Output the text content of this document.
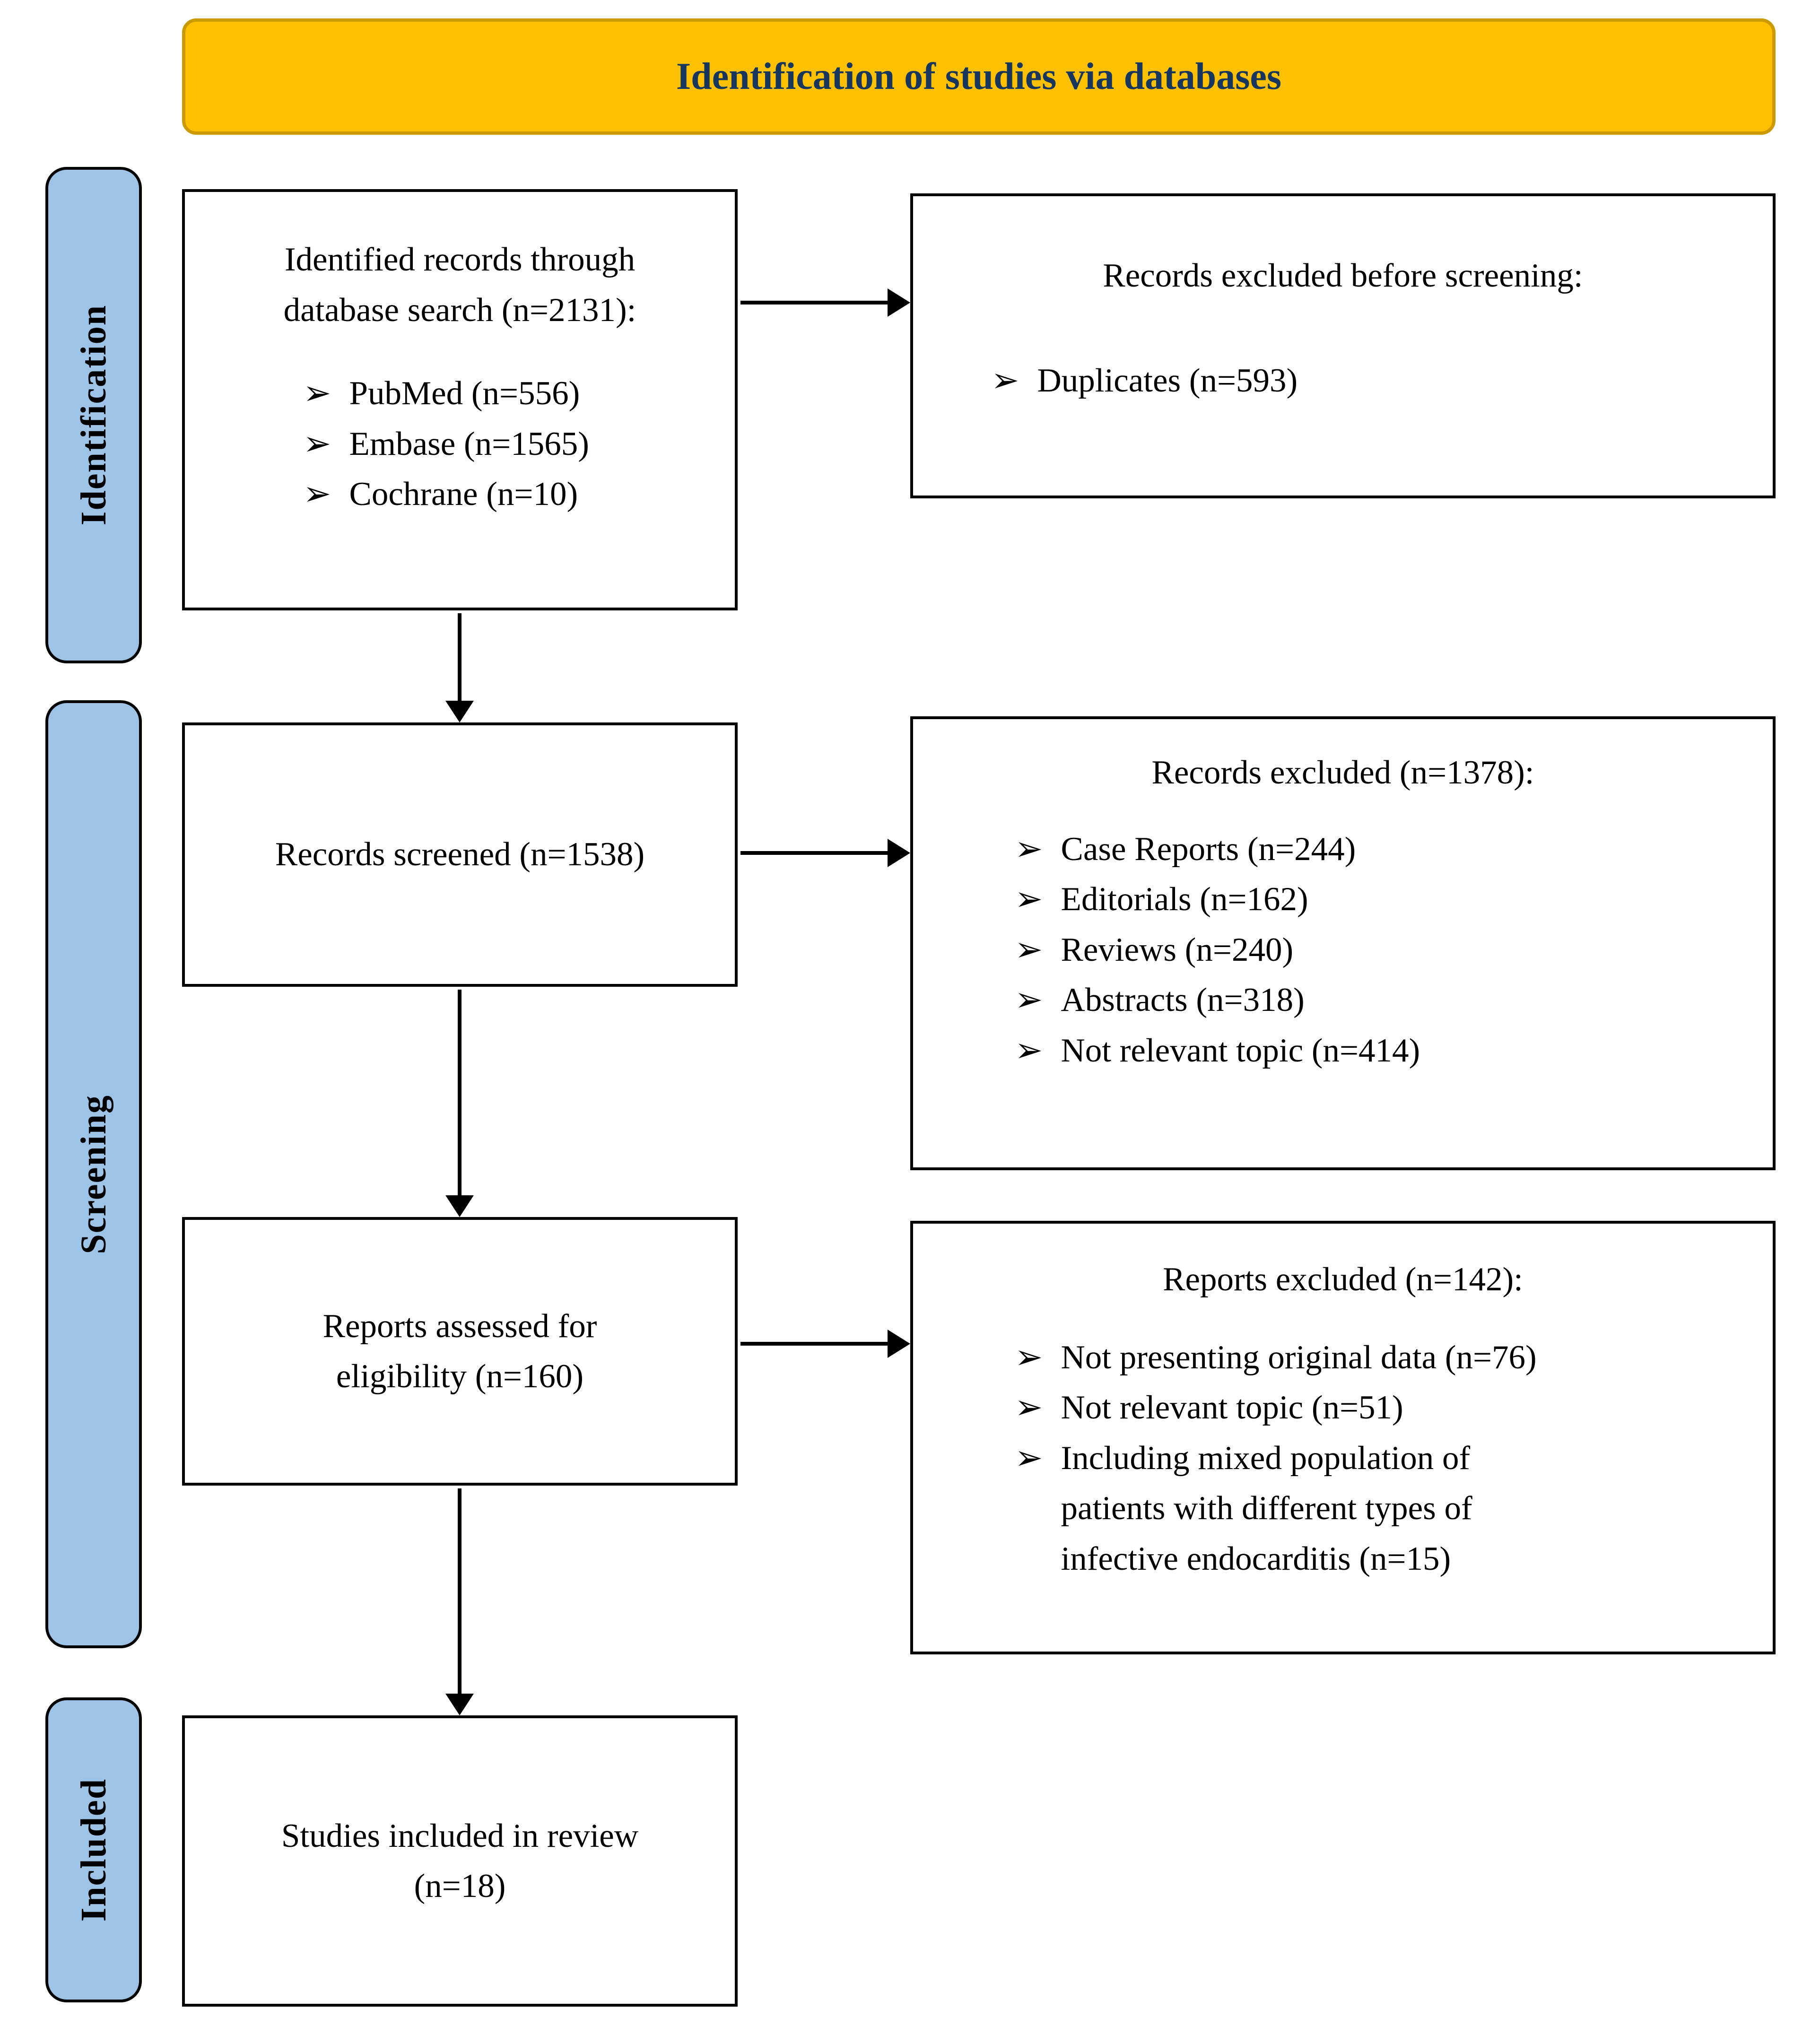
Identification of studies via databases
Identification
Screening
Included
Identified records through database search (n=2131):
➢ PubMed (n=556)
➢ Embase (n=1565)
➢ Cochrane (n=10)
Records screened (n=1538)
Reports assessed for eligibility (n=160)
Studies included in review (n=18)
Records excluded before screening:
➢ Duplicates (n=593)
Records excluded (n=1378):
➢ Case Reports (n=244)
➢ Editorials (n=162)
➢ Reviews (n=240)
➢ Abstracts (n=318)
➢ Not relevant topic (n=414)
Reports excluded (n=142):
➢ Not presenting original data (n=76)
➢ Not relevant topic (n=51)
➢ Including mixed population of patients with different types of infective endocarditis (n=15)
